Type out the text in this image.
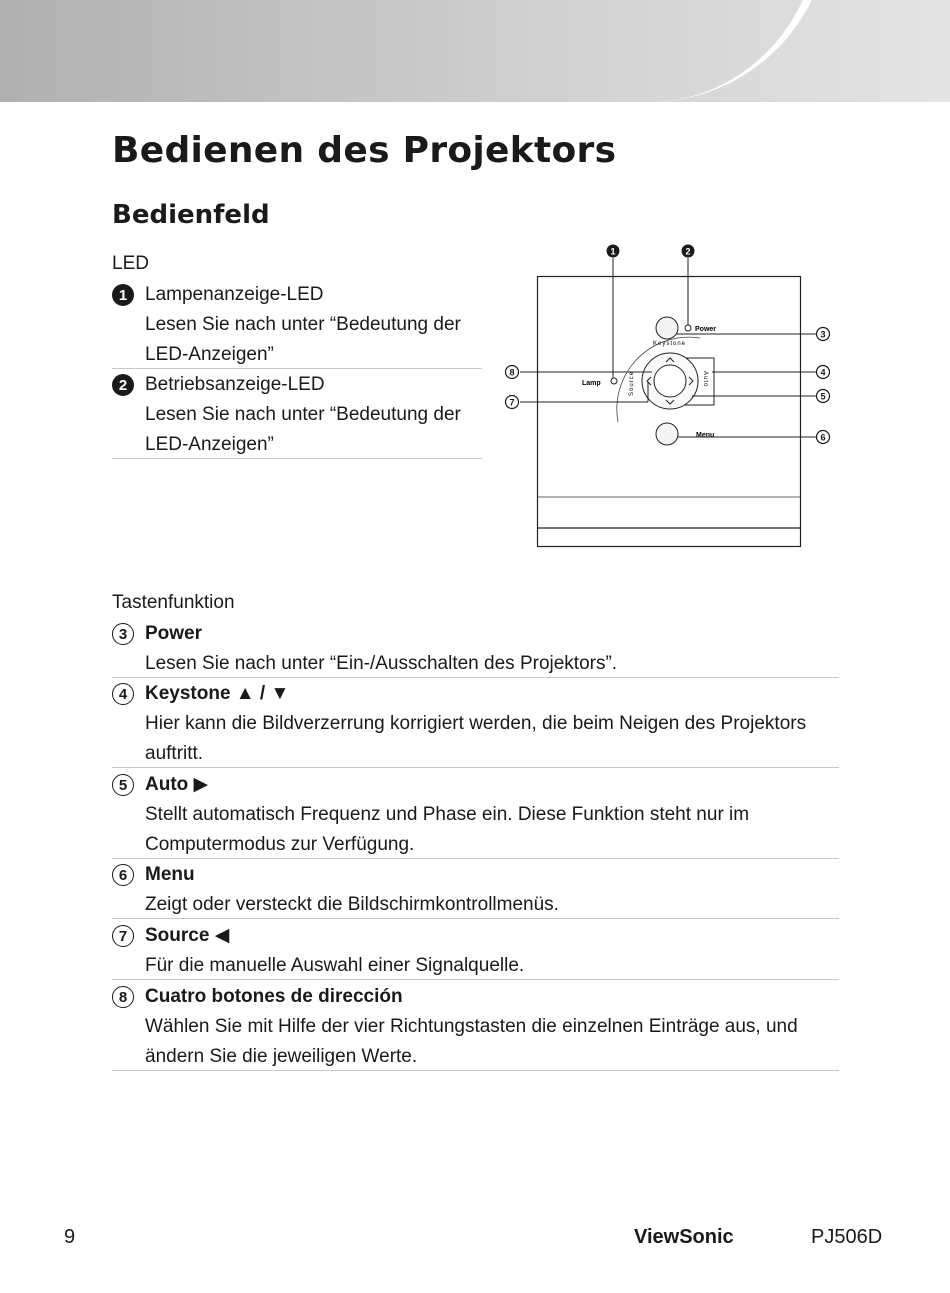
Bedienen des Projektors
Bedienfeld
LED
1 Lampenanzeige-LED
Lesen Sie nach unter “Bedeutung der
LED-Anzeigen”
2 Betriebsanzeige-LED
Lesen Sie nach unter “Bedeutung der
LED-Anzeigen”
Power
Keystone
Source	Auto
Lamp
Menu
1	2
3
4
5
6
7
8
Tastenfunktion
3 Power
Lesen Sie nach unter “Ein-/Ausschalten des Projektors”.
4 Keystone ▲ / ▼
Hier kann die Bildverzerrung korrigiert werden, die beim Neigen des Projektors
auftritt.
5 Auto ▶
Stellt automatisch Frequenz und Phase ein. Diese Funktion steht nur im
Computermodus zur Verfügung.
6 Menu
Zeigt oder versteckt die Bildschirmkontrollmenüs.
7 Source ◀
Für die manuelle Auswahl einer Signalquelle.
8 Cuatro botones de dirección
Wählen Sie mit Hilfe der vier Richtungstasten die einzelnen Einträge aus, und
ändern Sie die jeweiligen Werte.
9	ViewSonic	PJ506D
